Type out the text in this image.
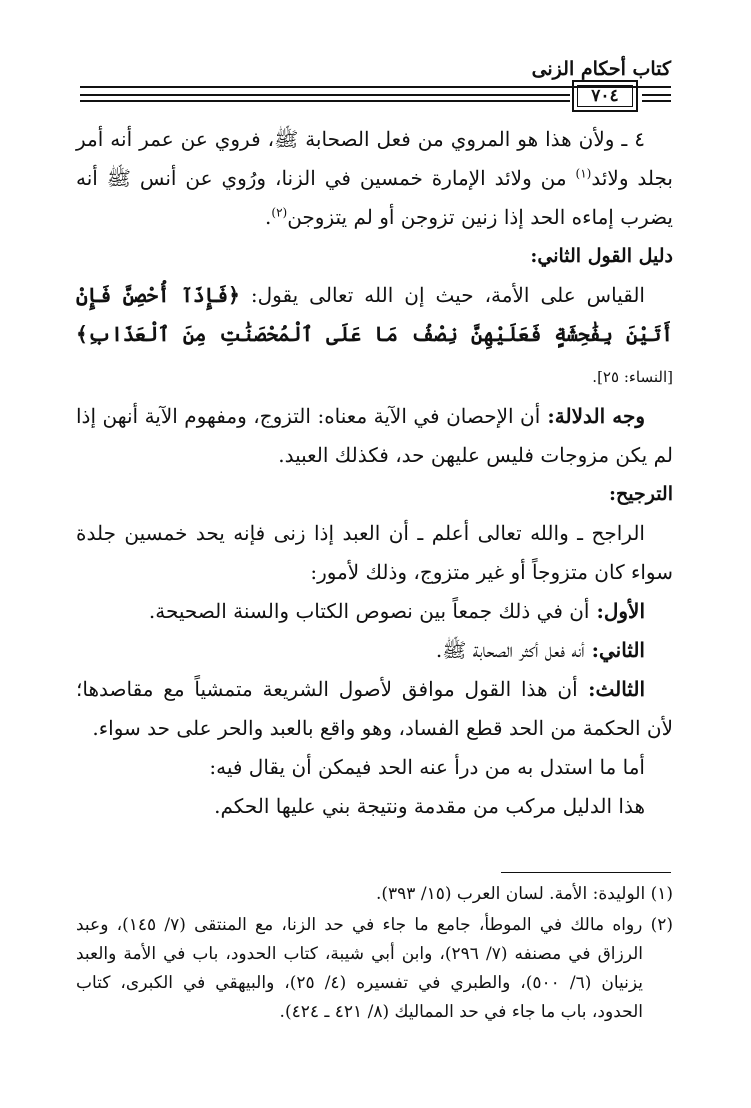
كتاب أحكام الزنى
٧٠٤

٤ ـ ولأن هذا هو المروي من فعل الصحابة ﷺ، فروي عن عمر أنه أمر بجلد ولائد$^{(١)}$ من ولائد الإمارة خمسين في الزنا، ورُوي عن أنس ﷺ أنه يضرب إماءه الحد إذا زنين تزوجن أو لم يتزوجن$^{(٢)}$.

دليل القول الثاني:

القياس على الأمة، حيث إن الله تعالى يقول: ﴿فَإِذَآ أُحْصِنَّ فَإِنْ أَتَيْنَ بِفَٰحِشَةٍ فَعَلَيْهِنَّ نِصْفُ مَا عَلَى ٱلْمُحْصَنَٰتِ مِنَ ٱلْعَذَابِ﴾ [النساء: ٢٥].

وجه الدلالة: أن الإحصان في الآية معناه: التزوج، ومفهوم الآية أنهن إذا لم يكن مزوجات فليس عليهن حد، فكذلك العبيد.

الترجيح:

الراجح ـ والله تعالى أعلم ـ أن العبد إذا زنى فإنه يحد خمسين جلدة سواء كان متزوجاً أو غير متزوج، وذلك لأمور:

الأول: أن في ذلك جمعاً بين نصوص الكتاب والسنة الصحيحة.

الثاني: أنه فعل أكثر الصحابة ﷺ.

الثالث: أن هذا القول موافق لأصول الشريعة متمشياً مع مقاصدها؛ لأن الحكمة من الحد قطع الفساد، وهو واقع بالعبد والحر على حد سواء.

أما ما استدل به من درأ عنه الحد فيمكن أن يقال فيه:

هذا الدليل مركب من مقدمة ونتيجة بني عليها الحكم.

(١) الوليدة: الأمة. لسان العرب (١٥/ ٣٩٣).

(٢) رواه مالك في الموطأ، جامع ما جاء في حد الزنا، مع المنتقى (٧/ ١٤٥)، وعبد الرزاق في مصنفه (٧/ ٢٩٦)، وابن أبي شيبة، كتاب الحدود، باب في الأمة والعبد يزنيان (٦/ ٥٠٠)، والطبري في تفسيره (٤/ ٢٥)، والبيهقي في الكبرى، كتاب الحدود، باب ما جاء في حد المماليك (٨/ ٤٢١ ـ ٤٢٤).
